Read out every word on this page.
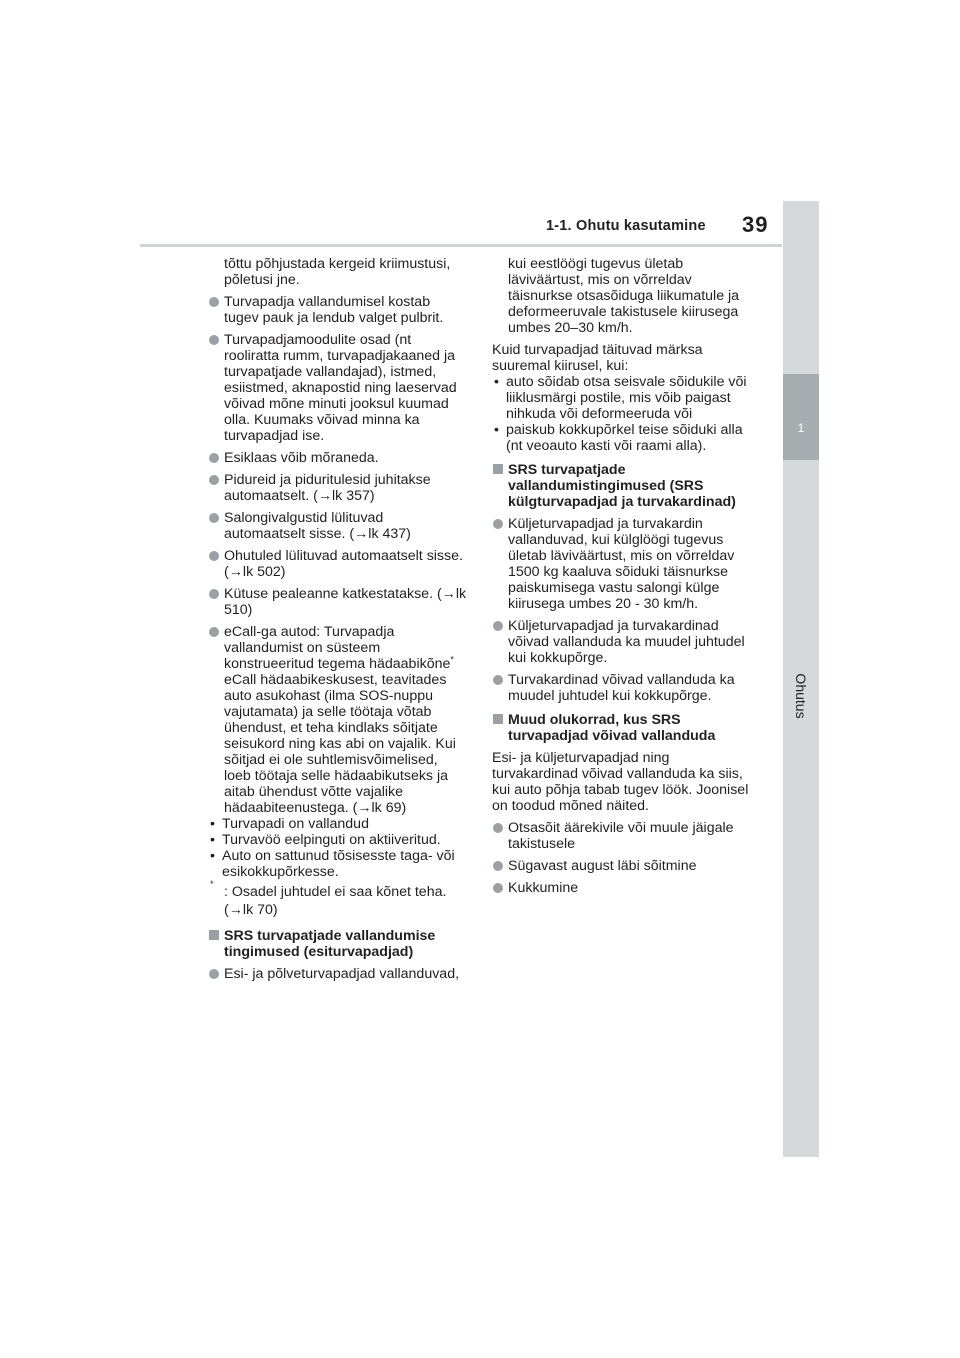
1-1. Ohutu kasutamine 39
1
Ohutus

tõttu põhjustada kergeid kriimustusi, põletusi jne.

Turvapadja vallandumisel kostab tugev pauk ja lendub valget pulbrit.

Turvapadjamoodulite osad (nt rooliratta rumm, turvapadjakaaned ja turvapatjade vallandajad), istmed, esiistmed, aknapostid ning laeservad võivad mõne minuti jooksul kuumad olla. Kuumaks võivad minna ka turvapadjad ise.

Esiklaas võib mõraneda.

Pidureid ja piduritulesid juhitakse automaatselt. (→lk 357)

Salongivalgustid lülituvad automaatselt sisse. (→lk 437)

Ohutuled lülituvad automaatselt sisse. (→lk 502)

Kütuse pealeanne katkestatakse. (→lk 510)

eCall-ga autod: Turvapadja vallandumist on süsteem konstrueeritud tegema hädaabikõne* eCall hädaabikeskusest, teavitades auto asukohast (ilma SOS-nuppu vajutamata) ja selle töötaja võtab ühendust, et teha kindlaks sõitjate seisukord ning kas abi on vajalik. Kui sõitjad ei ole suhtlemisvõimelised, loeb töötaja selle hädaabikutseks ja aitab ühendust võtte vajalike hädaabiteenustega. (→lk 69)

• Turvapadi on vallandud

• Turvavöö eelpinguti on aktiiveritud.

• Auto on sattunud tõsisesste taga- või esikokkupõrkesse.

* : Osadel juhtudel ei saa kõnet teha.

(→lk 70)

SRS turvapatjade vallandumise tingimused (esiturvapadjad)

Esi- ja põlveturvapadjad vallanduvad,

kui eestlöögi tugevus ületab läviväärtust, mis on võrreldav täisnurkse otsasõiduga liikumatule ja deformeeruvale takistusele kiirusega umbes 20–30 km/h.

Kuid turvapadjad täituvad märksa suuremal kiirusel, kui:

• auto sõidab otsa seisvale sõidukile või liiklusmärgi postile, mis võib paigast nihkuda või deformeeruda või

• paiskub kokkupõrkel teise sõiduki alla (nt veoauto kasti või raami alla).

SRS turvapatjade vallandumistingimused (SRS külgturvapadjad ja turvakardinad)

Küljeturvapadjad ja turvakardin vallanduvad, kui külglöögi tugevus ületab läviväärtust, mis on võrreldav 1500 kg kaaluva sõiduki täisnurkse paiskumisega vastu salongi külge kiirusega umbes 20 - 30 km/h.

Küljeturvapadjad ja turvakardinad võivad vallanduda ka muudel juhtudel kui kokkupõrge.

Turvakardinad võivad vallanduda ka muudel juhtudel kui kokkupõrge.

Muud olukorrad, kus SRS turvapadjad võivad vallanduda

Esi- ja küljeturvapadjad ning turvakardinad võivad vallanduda ka siis, kui auto põhja tabab tugev löök. Joonisel on toodud mõned näited.

Otsasõit äärekivile või muule jäigale takistusele

Sügavast august läbi sõitmine

Kukkumine
